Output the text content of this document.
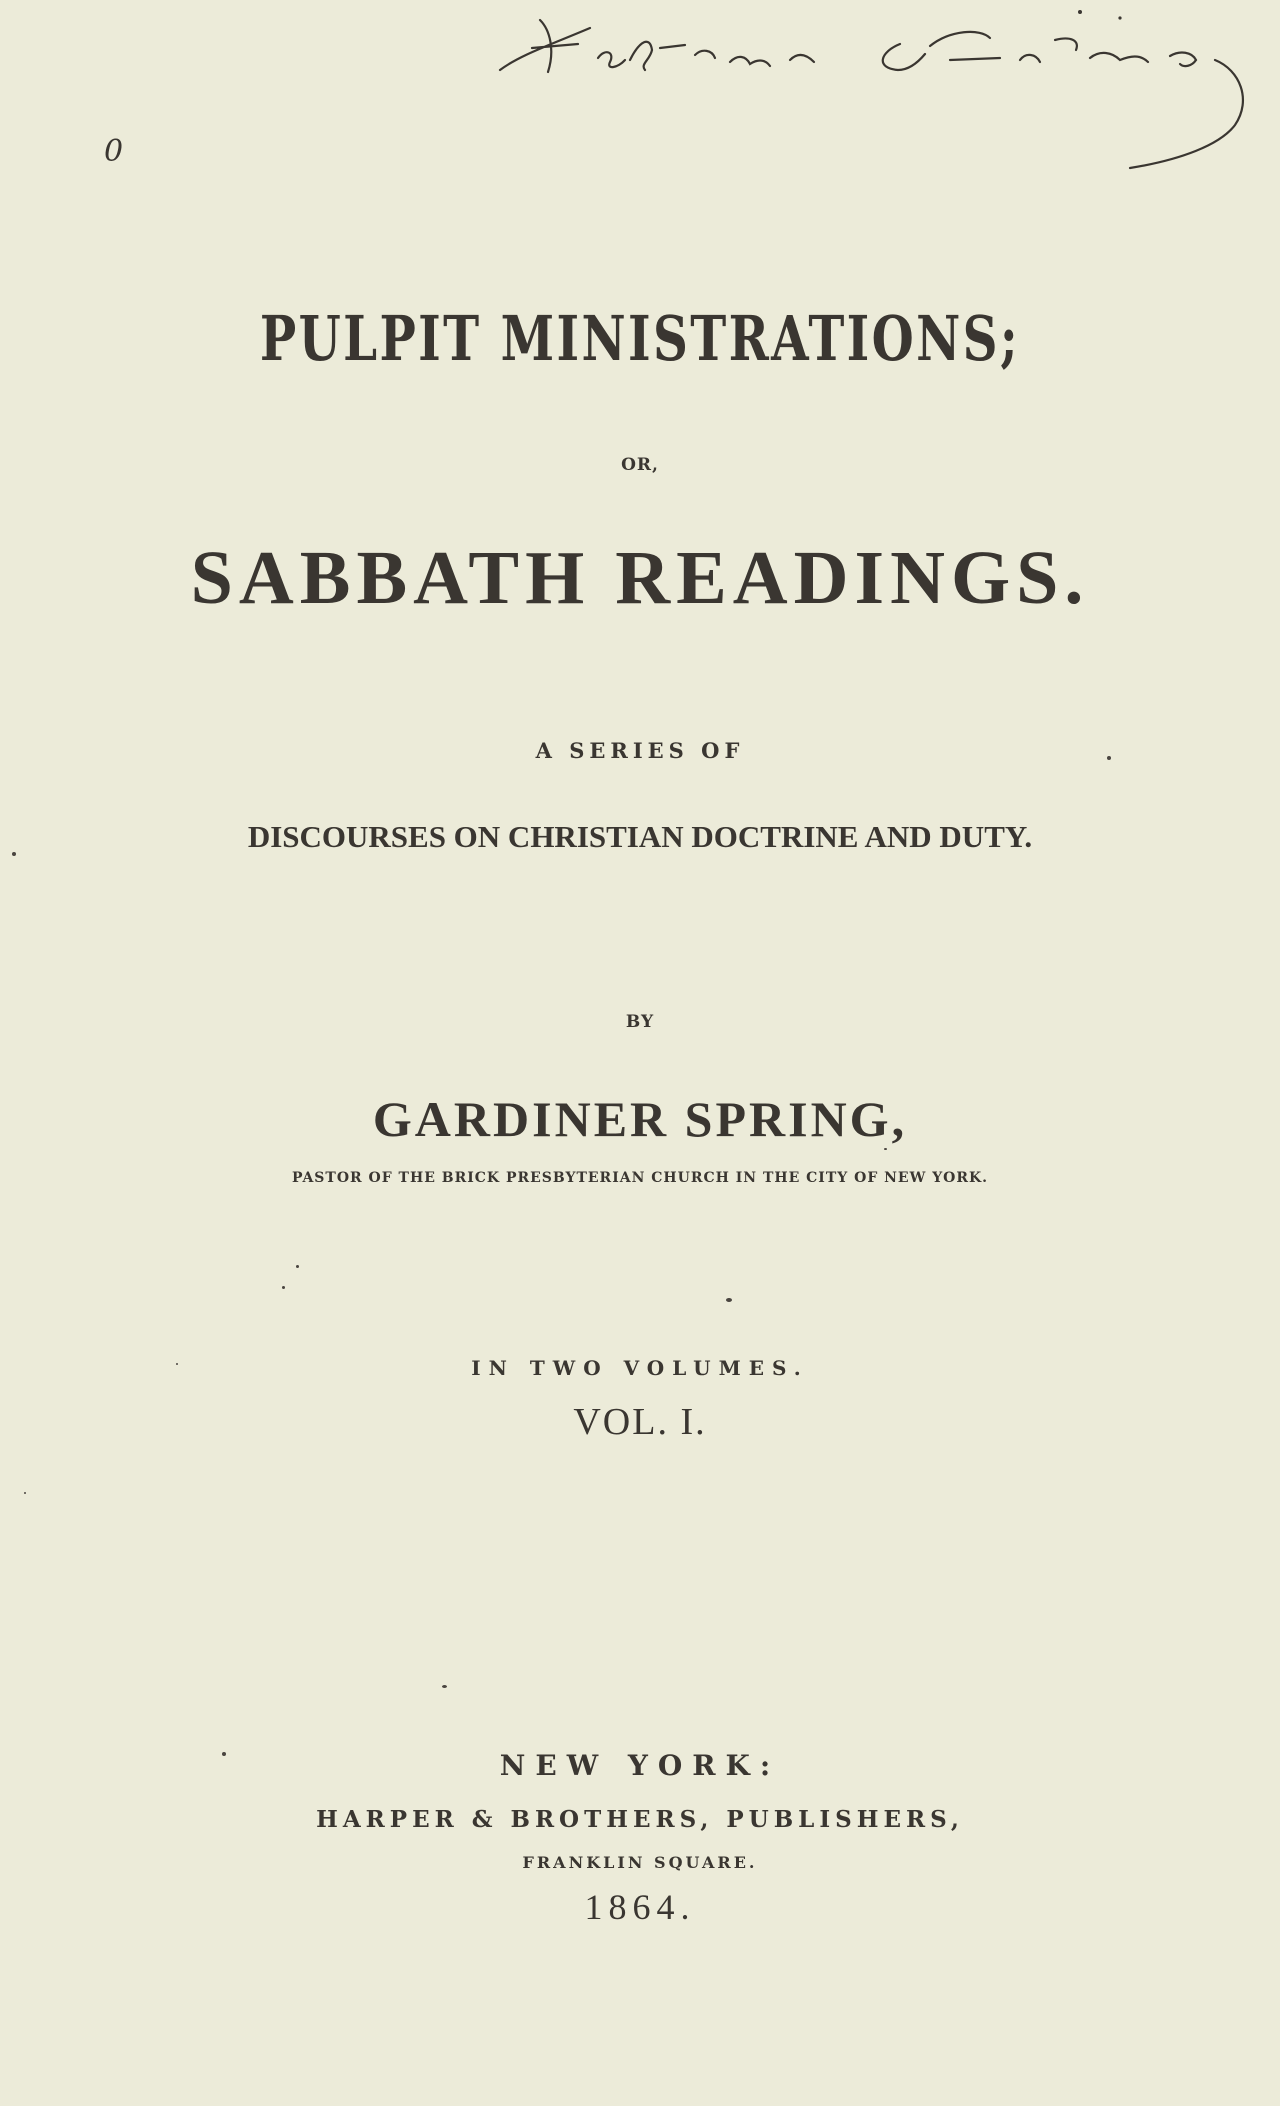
0
PULPIT MINISTRATIONS;
OR,
SABBATH READINGS.
A SERIES OF
DISCOURSES ON CHRISTIAN DOCTRINE AND DUTY.
BY
GARDINER SPRING,
PASTOR OF THE BRICK PRESBYTERIAN CHURCH IN THE CITY OF NEW YORK.
IN TWO VOLUMES.
VOL. I.
NEW YORK:
HARPER & BROTHERS, PUBLISHERS,
FRANKLIN SQUARE.
1864.
